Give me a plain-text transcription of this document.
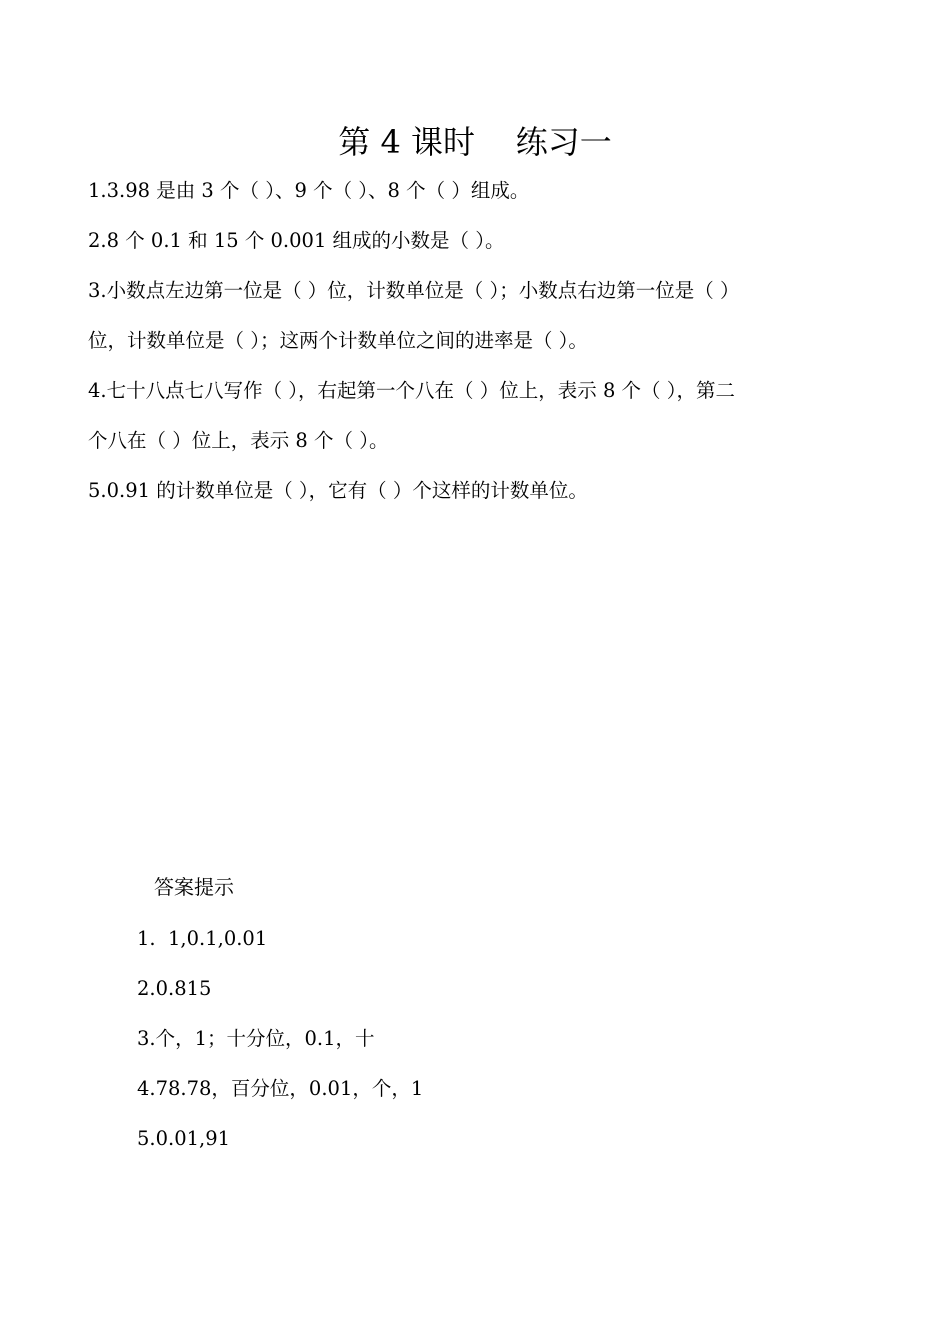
第 4 课时    练习一
1.3.98 是由 3 个（ ）、9 个（ ）、8 个（ ）组成。
2.8 个 0.1 和 15 个 0.001 组成的小数是（ ）。
3.小数点左边第一位是（ ）位，计数单位是（ ）；小数点右边第一位是（ ）
位，计数单位是（ ）；这两个计数单位之间的进率是（ ）。
4.七十八点七八写作（ ），右起第一个八在（ ）位上，表示 8 个（ ），第二
个八在（ ）位上，表示 8 个（ ）。
5.0.91 的计数单位是（ ），它有（ ）个这样的计数单位。
答案提示
1.  1,0.1,0.01
2.0.815
3.个，1；十分位，0.1，十
4.78.78，百分位，0.01，个，1
5.0.01,91
